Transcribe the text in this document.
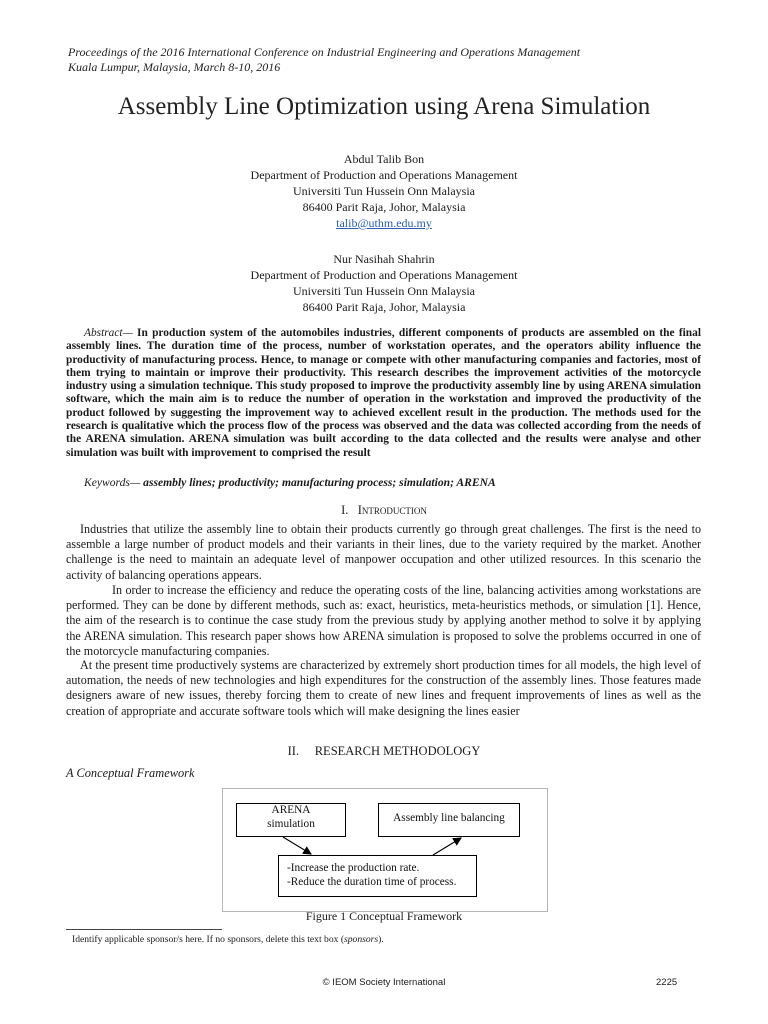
Proceedings of the 2016 International Conference on Industrial Engineering and Operations Management
Kuala Lumpur, Malaysia, March 8-10, 2016
Assembly Line Optimization using Arena Simulation
Abdul Talib Bon
Department of Production and Operations Management
Universiti Tun Hussein Onn Malaysia
86400 Parit Raja, Johor, Malaysia
talib@uthm.edu.my
Nur Nasihah Shahrin
Department of Production and Operations Management
Universiti Tun Hussein Onn Malaysia
86400 Parit Raja, Johor, Malaysia
Abstract— In production system of the automobiles industries, different components of products are assembled on the final assembly lines. The duration time of the process, number of workstation operates, and the operators ability influence the productivity of manufacturing process. Hence, to manage or compete with other manufacturing companies and factories, most of them trying to maintain or improve their productivity. This research describes the improvement activities of the motorcycle industry using a simulation technique. This study proposed to improve the productivity assembly line by using ARENA simulation software, which the main aim is to reduce the number of operation in the workstation and improved the productivity of the product followed by suggesting the improvement way to achieved excellent result in the production. The methods used for the research is qualitative which the process flow of the process was observed and the data was collected according from the needs of the ARENA simulation. ARENA simulation was built according to the data collected and the results were analyse and other simulation was built with improvement to comprised the result
Keywords— assembly lines; productivity; manufacturing process; simulation; ARENA
I. Introduction
Industries that utilize the assembly line to obtain their products currently go through great challenges. The first is the need to assemble a large number of product models and their variants in their lines, due to the variety required by the market. Another challenge is the need to maintain an adequate level of manpower occupation and other utilized resources. In this scenario the activity of balancing operations appears.
In order to increase the efficiency and reduce the operating costs of the line, balancing activities among workstations are performed. They can be done by different methods, such as: exact, heuristics, meta-heuristics methods, or simulation [1]. Hence, the aim of the research is to continue the case study from the previous study by applying another method to solve it by applying the ARENA simulation. This research paper shows how ARENA simulation is proposed to solve the problems occurred in one of the motorcycle manufacturing companies.
At the present time productively systems are characterized by extremely short production times for all models, the high level of automation, the needs of new technologies and high expenditures for the construction of the assembly lines. Those features made designers aware of new issues, thereby forcing them to create of new lines and frequent improvements of lines as well as the creation of appropriate and accurate software tools which will make designing the lines easier
II. RESEARCH METHODOLOGY
A Conceptual Framework
ARENA
simulation	Assembly line balancing
-Increase the production rate.
-Reduce the duration time of process.
Figure 1 Conceptual Framework
Identify applicable sponsor/s here. If no sponsors, delete this text box (sponsors).
© IEOM Society International	2225
